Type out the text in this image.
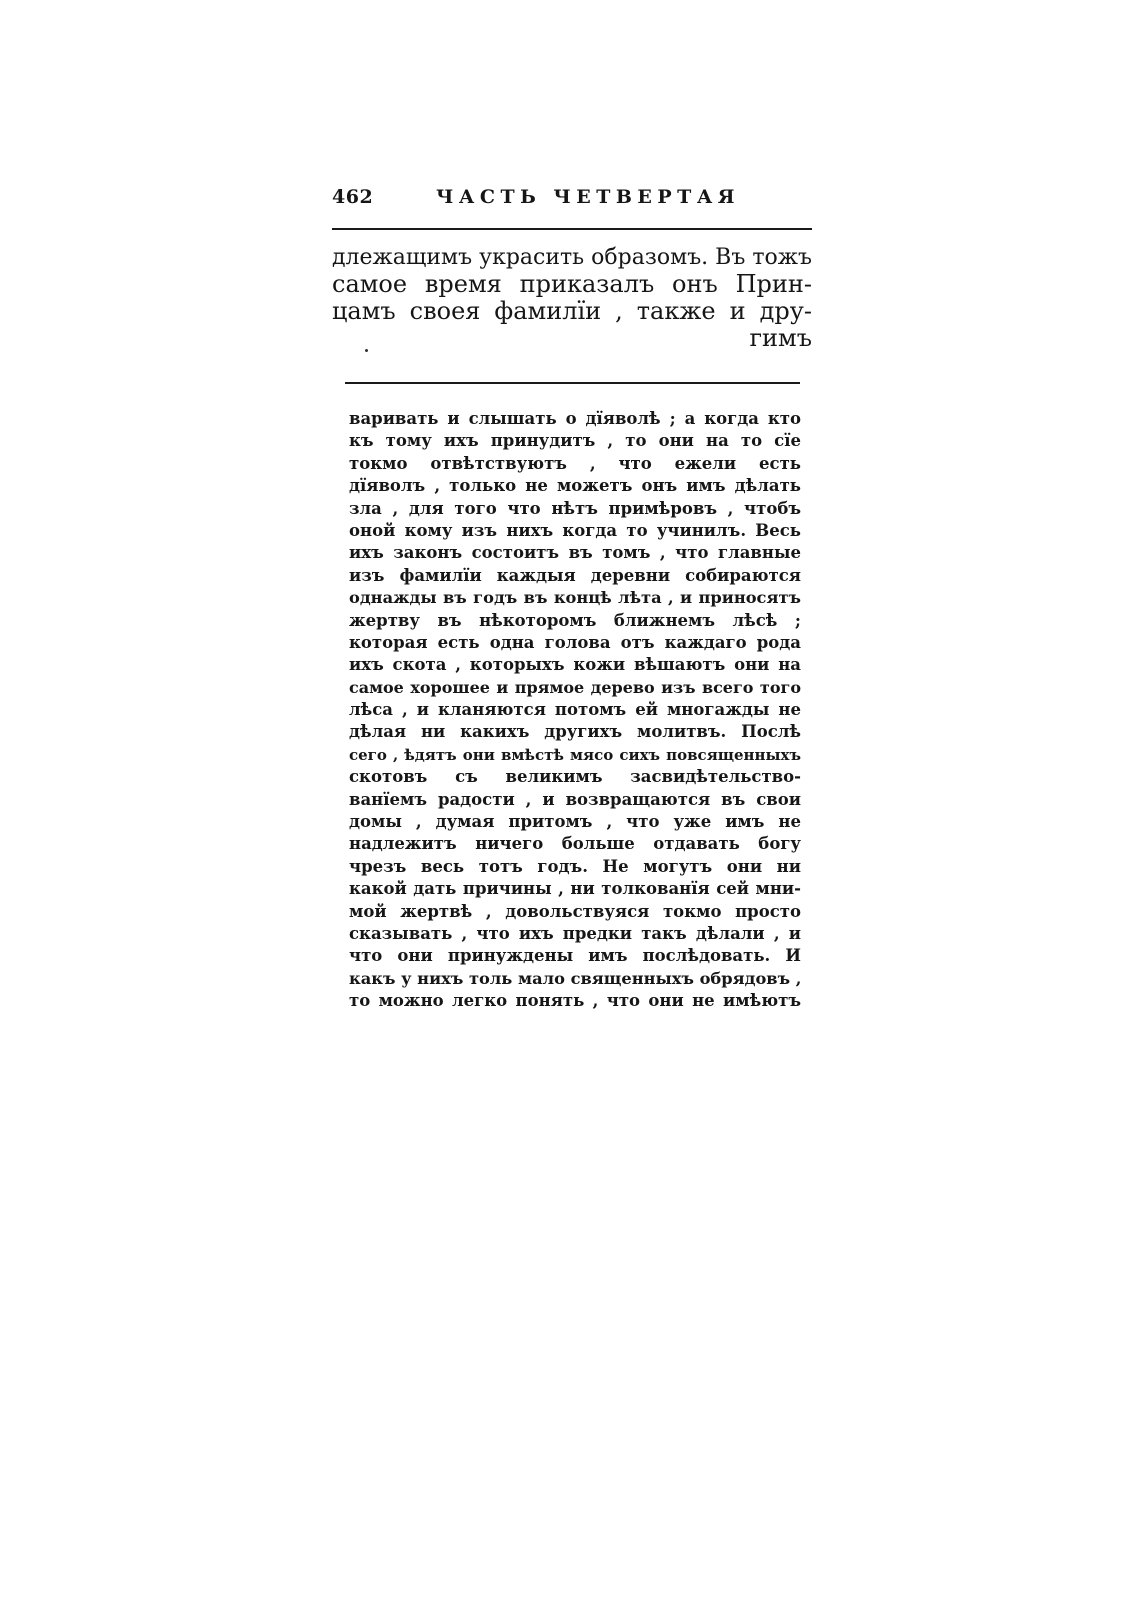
462	ЧАСТЬ ЧЕТВЕРТАЯ
длежащимъ украсить образомъ. Въ тожъ
самое время приказалъ онъ Прин-
цамъ своея фамилїи , также и дру-
гимъ
варивать и слышать о дїяволѣ ; а когда кто
къ тому ихъ принудитъ , то они на то сїе
токмо отвѣтствуютъ , что ежели есть
дїяволъ , только не можетъ онъ имъ дѣлать
зла , для того что нѣтъ примѣровъ , чтобъ
оной кому изъ нихъ когда то учинилъ. Весь
ихъ законъ состоитъ въ томъ , что главные
изъ фамилїи каждыя деревни собираются
однажды въ годъ въ концѣ лѣта , и приносятъ
жертву въ нѣкоторомъ ближнемъ лѣсѣ ;
которая есть одна голова отъ каждаго рода
ихъ скота , которыхъ кожи вѣшаютъ они на
самое хорошее и прямое дерево изъ всего того
лѣса , и кланяются потомъ ей многажды не
дѣлая ни какихъ другихъ молитвъ. Послѣ
сего , ѣдятъ они вмѣстѣ мясо сихъ повсященныхъ
скотовъ съ великимъ засвидѣтельство-
ванїемъ радости , и возвращаются въ свои
домы , думая притомъ , что уже имъ не
надлежитъ ничего больше отдавать богу
чрезъ весь тотъ годъ. Не могутъ они ни
какой дать причины , ни толкованїя сей мни-
мой жертвѣ , довольствуяся токмо просто
сказывать , что ихъ предки такъ дѣлали , и
что они принуждены имъ послѣдовать. И
какъ у нихъ толь мало священныхъ обрядовъ ,
то можно легко понять , что они не имѣютъ
